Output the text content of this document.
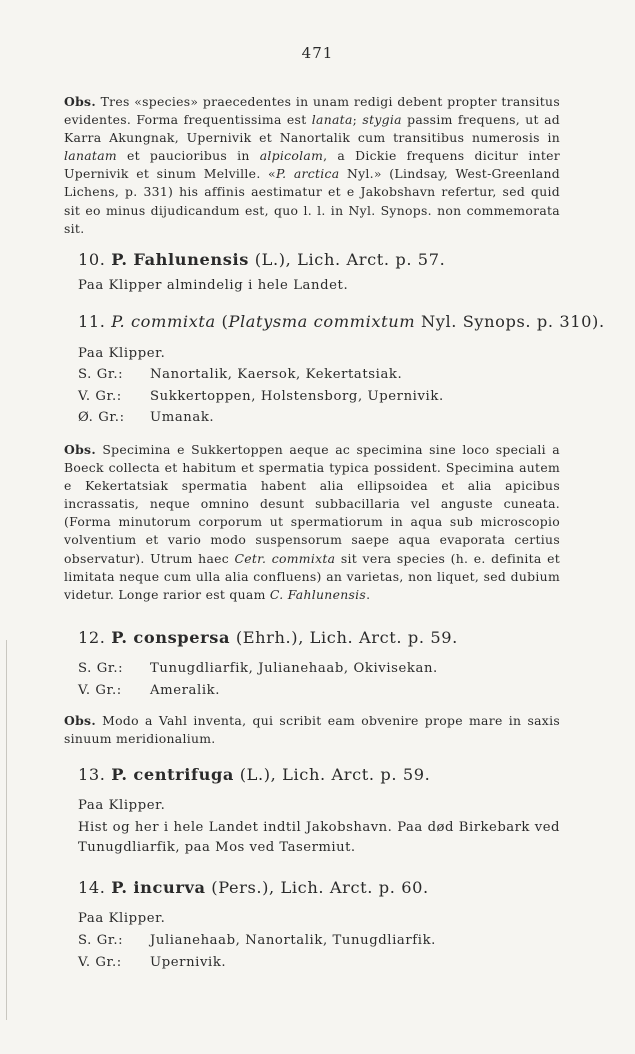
471
Obs. Tres «species» praecedentes in unam redigi debent propter transitus evidentes. Forma frequentissima est lanata; stygia passim frequens, ut ad Karra Akungnak, Upernivik et Nanortalik cum transitibus numerosis in lanatam et paucioribus in alpicolam, a Dickie frequens dicitur inter Upernivik et sinum Melville. «P. arctica Nyl.» (Lindsay, West-Greenland Lichens, p. 331) his affinis aestimatur et e Jakobshavn refertur, sed quid sit eo minus dijudicandum est, quo l. l. in Nyl. Synops. non commemorata sit.
10. P. Fahlunensis (L.), Lich. Arct. p. 57.
Paa Klipper almindelig i hele Landet.
11. P. commixta (Platysma commixtum Nyl. Synops. p. 310).
Paa Klipper.
S. Gr.: Nanortalik, Kaersok, Kekertatsiak.
V. Gr.: Sukkertoppen, Holstensborg, Upernivik.
Ø. Gr.: Umanak.
Obs. Specimina e Sukkertoppen aeque ac specimina sine loco speciali a Boeck collecta et habitum et spermatia typica possident. Specimina autem e Kekertatsiak spermatia habent alia ellipsoidea et alia apicibus incrassatis, neque omnino desunt subbacillaria vel anguste cuneata. (Forma minutorum corporum ut spermatiorum in aqua sub microscopio volventium et vario modo suspensorum saepe aqua evaporata certius observatur). Utrum haec Cetr. commixta sit vera species (h. e. definita et limitata neque cum ulla alia confluens) an varietas, non liquet, sed dubium videtur. Longe rarior est quam C. Fahlunensis.
12. P. conspersa (Ehrh.), Lich. Arct. p. 59.
S. Gr.: Tunugdliarfik, Julianehaab, Okivisekan.
V. Gr.: Ameralik.
Obs. Modo a Vahl inventa, qui scribit eam obvenire prope mare in saxis sinuum meridionalium.
13. P. centrifuga (L.), Lich. Arct. p. 59.
Paa Klipper.
Hist og her i hele Landet indtil Jakobshavn. Paa død Birkebark ved Tunugdliarfik, paa Mos ved Tasermiut.
14. P. incurva (Pers.), Lich. Arct. p. 60.
Paa Klipper.
S. Gr.: Julianehaab, Nanortalik, Tunugdliarfik.
V. Gr.: Upernivik.
